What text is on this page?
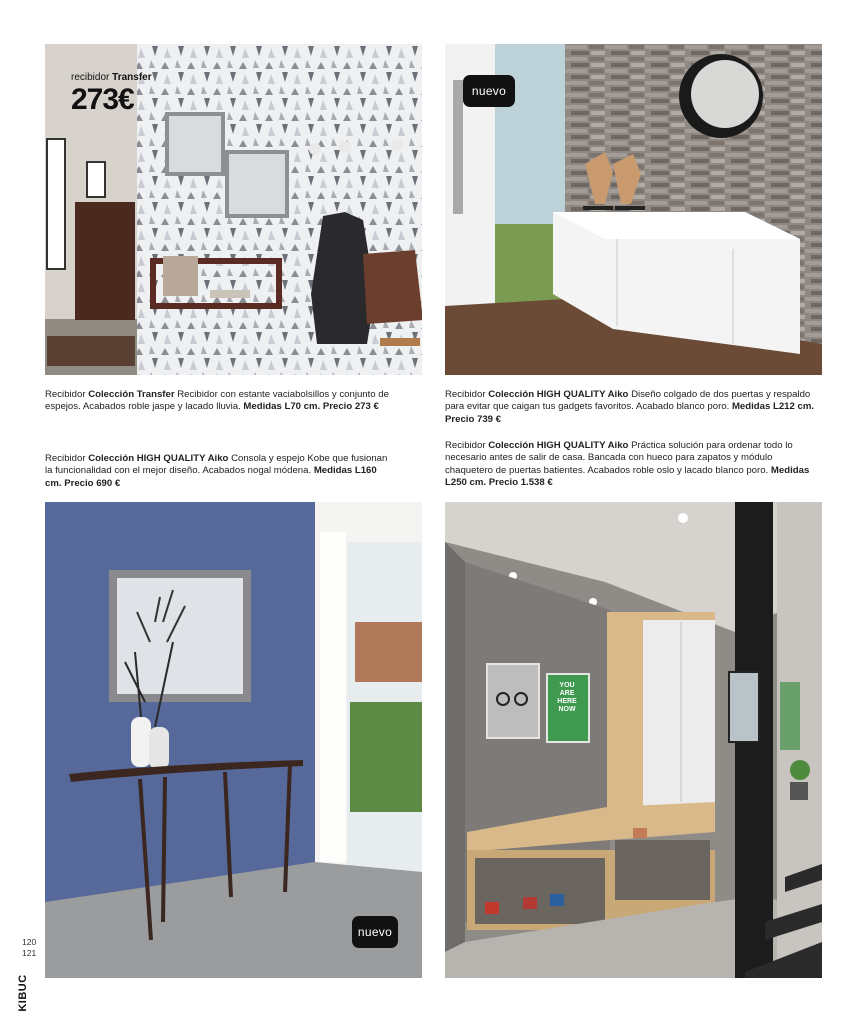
recibidor Transfer
273€	nuevo
Recibidor Colección Transfer Recibidor con estante vaciabolsillos y conjunto de espejos. Acabados roble jaspe y lacado lluvia. Medidas L70 cm. Precio 273 €
Recibidor Colección HIGH QUALITY Aiko Diseño colgado de dos puertas y respaldo para evitar que caigan tus gadgets favoritos. Acabado blanco poro. Medidas L212 cm. Precio 739 €
Recibidor Colección HIGH QUALITY Aiko Consola y espejo Kobe que fusionan la funcionalidad con el mejor diseño. Acabados nogal módena. Medidas L160 cm. Precio 690 €
Recibidor Colección HIGH QUALITY Aiko Práctica solución para ordenar todo lo necesario antes de salir de casa. Bancada con hueco para zapatos y módulo chaquetero de puertas batientes. Acabados roble oslo y lacado blanco poro. Medidas L250 cm. Precio 1.538 €
nuevo
YOU
ARE
HERE
NOW
120
121
KIBUC
